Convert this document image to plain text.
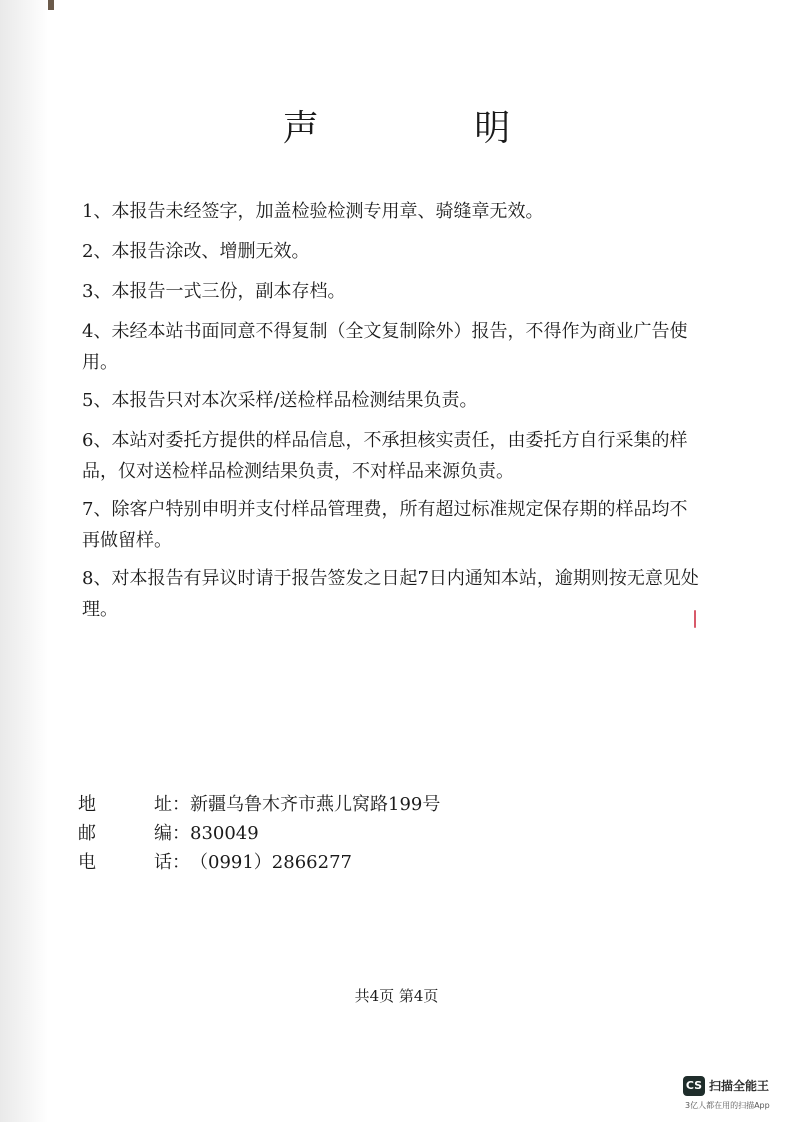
声 明

1、本报告未经签字，加盖检验检测专用章、骑缝章无效。

2、本报告涂改、增删无效。

3、本报告一式三份，副本存档。

4、未经本站书面同意不得复制（全文复制除外）报告，不得作为商业广告使用。

5、本报告只对本次采样/送检样品检测结果负责。

6、本站对委托方提供的样品信息，不承担核实责任，由委托方自行采集的样品，仅对送检样品检测结果负责，不对样品来源负责。

7、除客户特别申明并支付样品管理费，所有超过标准规定保存期的样品均不再做留样。

8、对本报告有异议时请于报告签发之日起7日内通知本站，逾期则按无意见处理。

地	址： 新疆乌鲁木齐市燕儿窝路199号
邮	编： 830049
电	话： （0991）2866277
共4页 第4页
CS 扫描全能王
3亿人都在用的扫描App
